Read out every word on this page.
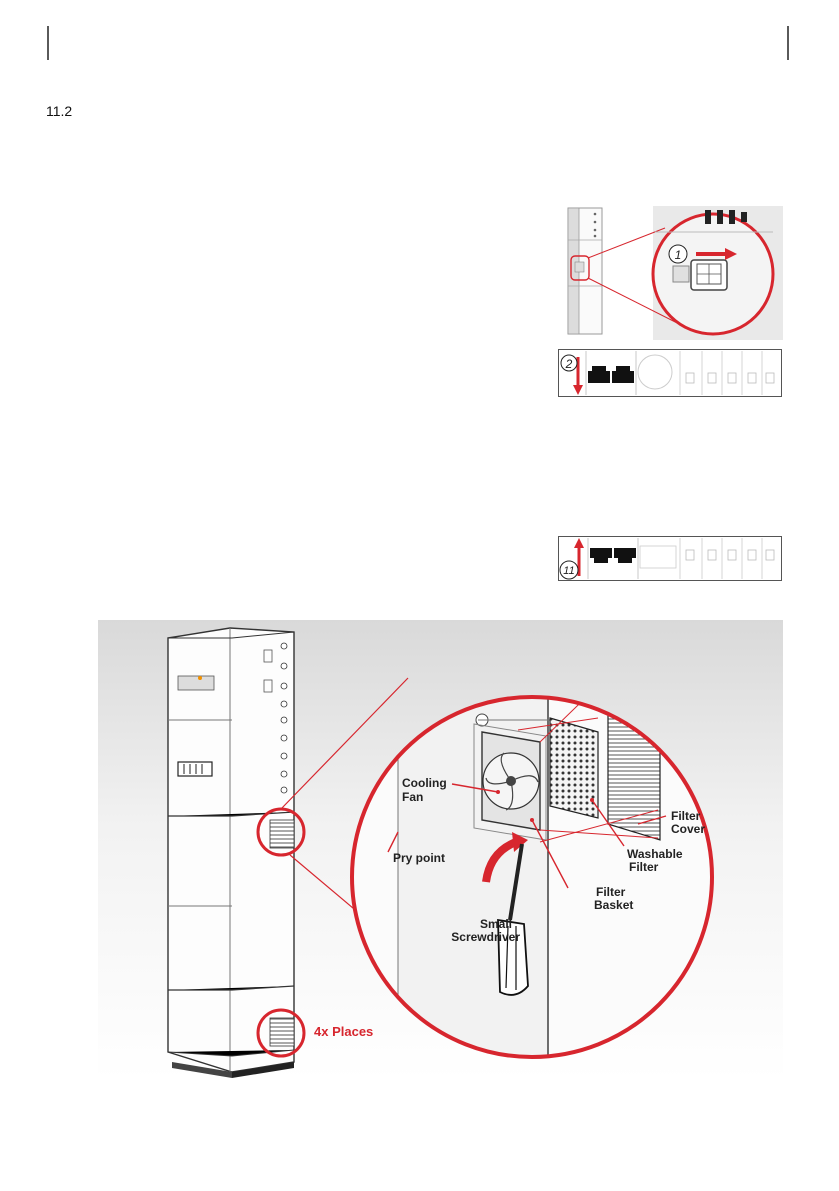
11.2
1
2
11
Cooling
Fan
Pry point
Small
Screwdriver
Filter
Basket
Washable
Filter
Filter
Cover
4x Places
